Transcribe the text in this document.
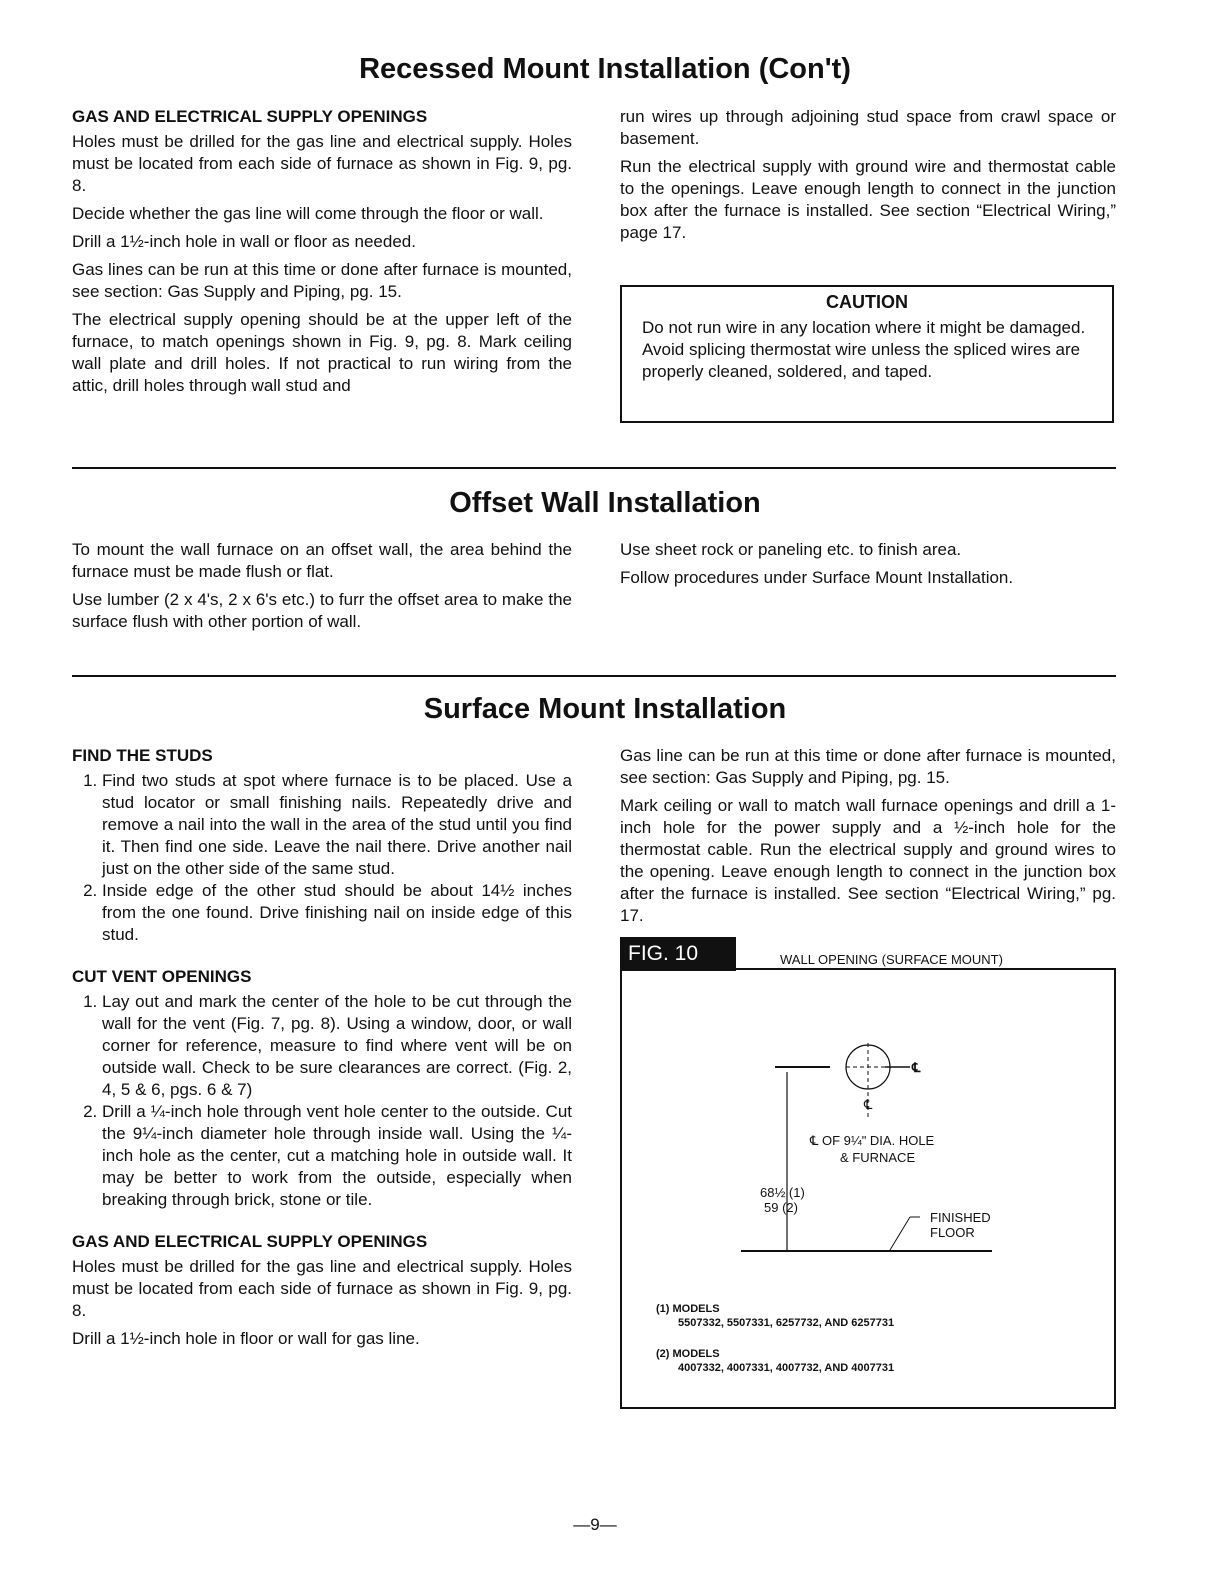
Recessed Mount Installation (Con't)
GAS AND ELECTRICAL SUPPLY OPENINGS

Holes must be drilled for the gas line and electrical supply. Holes must be located from each side of furnace as shown in Fig. 9, pg. 8.

Decide whether the gas line will come through the floor or wall.

Drill a 1½-inch hole in wall or floor as needed.

Gas lines can be run at this time or done after furnace is mounted, see section: Gas Supply and Piping, pg. 15.

The electrical supply opening should be at the upper left of the furnace, to match openings shown in Fig. 9, pg. 8. Mark ceiling wall plate and drill holes. If not practical to run wiring from the attic, drill holes through wall stud and

run wires up through adjoining stud space from crawl space or basement.

Run the electrical supply with ground wire and thermostat cable to the openings. Leave enough length to connect in the junction box after the furnace is installed. See section “Electrical Wiring,” page 17.

CAUTION
Do not run wire in any location where it might be damaged. Avoid splicing thermostat wire unless the spliced wires are properly cleaned, soldered, and taped.
Offset Wall Installation

To mount the wall furnace on an offset wall, the area behind the furnace must be made flush or flat.

Use lumber (2 x 4's, 2 x 6's etc.) to furr the offset area to make the surface flush with other portion of wall.

Use sheet rock or paneling etc. to finish area.

Follow procedures under Surface Mount Installation.

Surface Mount Installation
FIND THE STUDS
1. Find two studs at spot where furnace is to be placed. Use a stud locator or small finishing nails. Repeatedly drive and remove a nail into the wall in the area of the stud until you find it. Then find one side. Leave the nail there. Drive another nail just on the other side of the same stud.
2. Inside edge of the other stud should be about 14½ inches from the one found. Drive finishing nail on inside edge of this stud.
CUT VENT OPENINGS
1. Lay out and mark the center of the hole to be cut through the wall for the vent (Fig. 7, pg. 8). Using a window, door, or wall corner for reference, measure to find where vent will be on outside wall. Check to be sure clearances are correct. (Fig. 2, 4, 5 & 6, pgs. 6 & 7)
2. Drill a ¼-inch hole through vent hole center to the outside. Cut the 9¼-inch diameter hole through inside wall. Using the ¼-inch hole as the center, cut a matching hole in outside wall. It may be better to work from the outside, especially when breaking through brick, stone or tile.
GAS AND ELECTRICAL SUPPLY OPENINGS

Holes must be drilled for the gas line and electrical supply. Holes must be located from each side of furnace as shown in Fig. 9, pg. 8.

Drill a 1½-inch hole in floor or wall for gas line.

Gas line can be run at this time or done after furnace is mounted, see section: Gas Supply and Piping, pg. 15.

Mark ceiling or wall to match wall furnace openings and drill a 1-inch hole for the power supply and a ½-inch hole for the thermostat cable. Run the electrical supply and ground wires to the opening. Leave enough length to connect in the junction box after the furnace is installed. See section “Electrical Wiring,” pg. 17.

FIG. 10	WALL OPENING (SURFACE MOUNT)
℄
℄
℄ OF 9¼" DIA. HOLE
& FURNACE
68½ (1)
59 (2)
FINISHED
FLOOR
(1) MODELS
5507332, 5507331, 6257732, AND 6257731
(2) MODELS
4007332, 4007331, 4007732, AND 4007731
—9—
